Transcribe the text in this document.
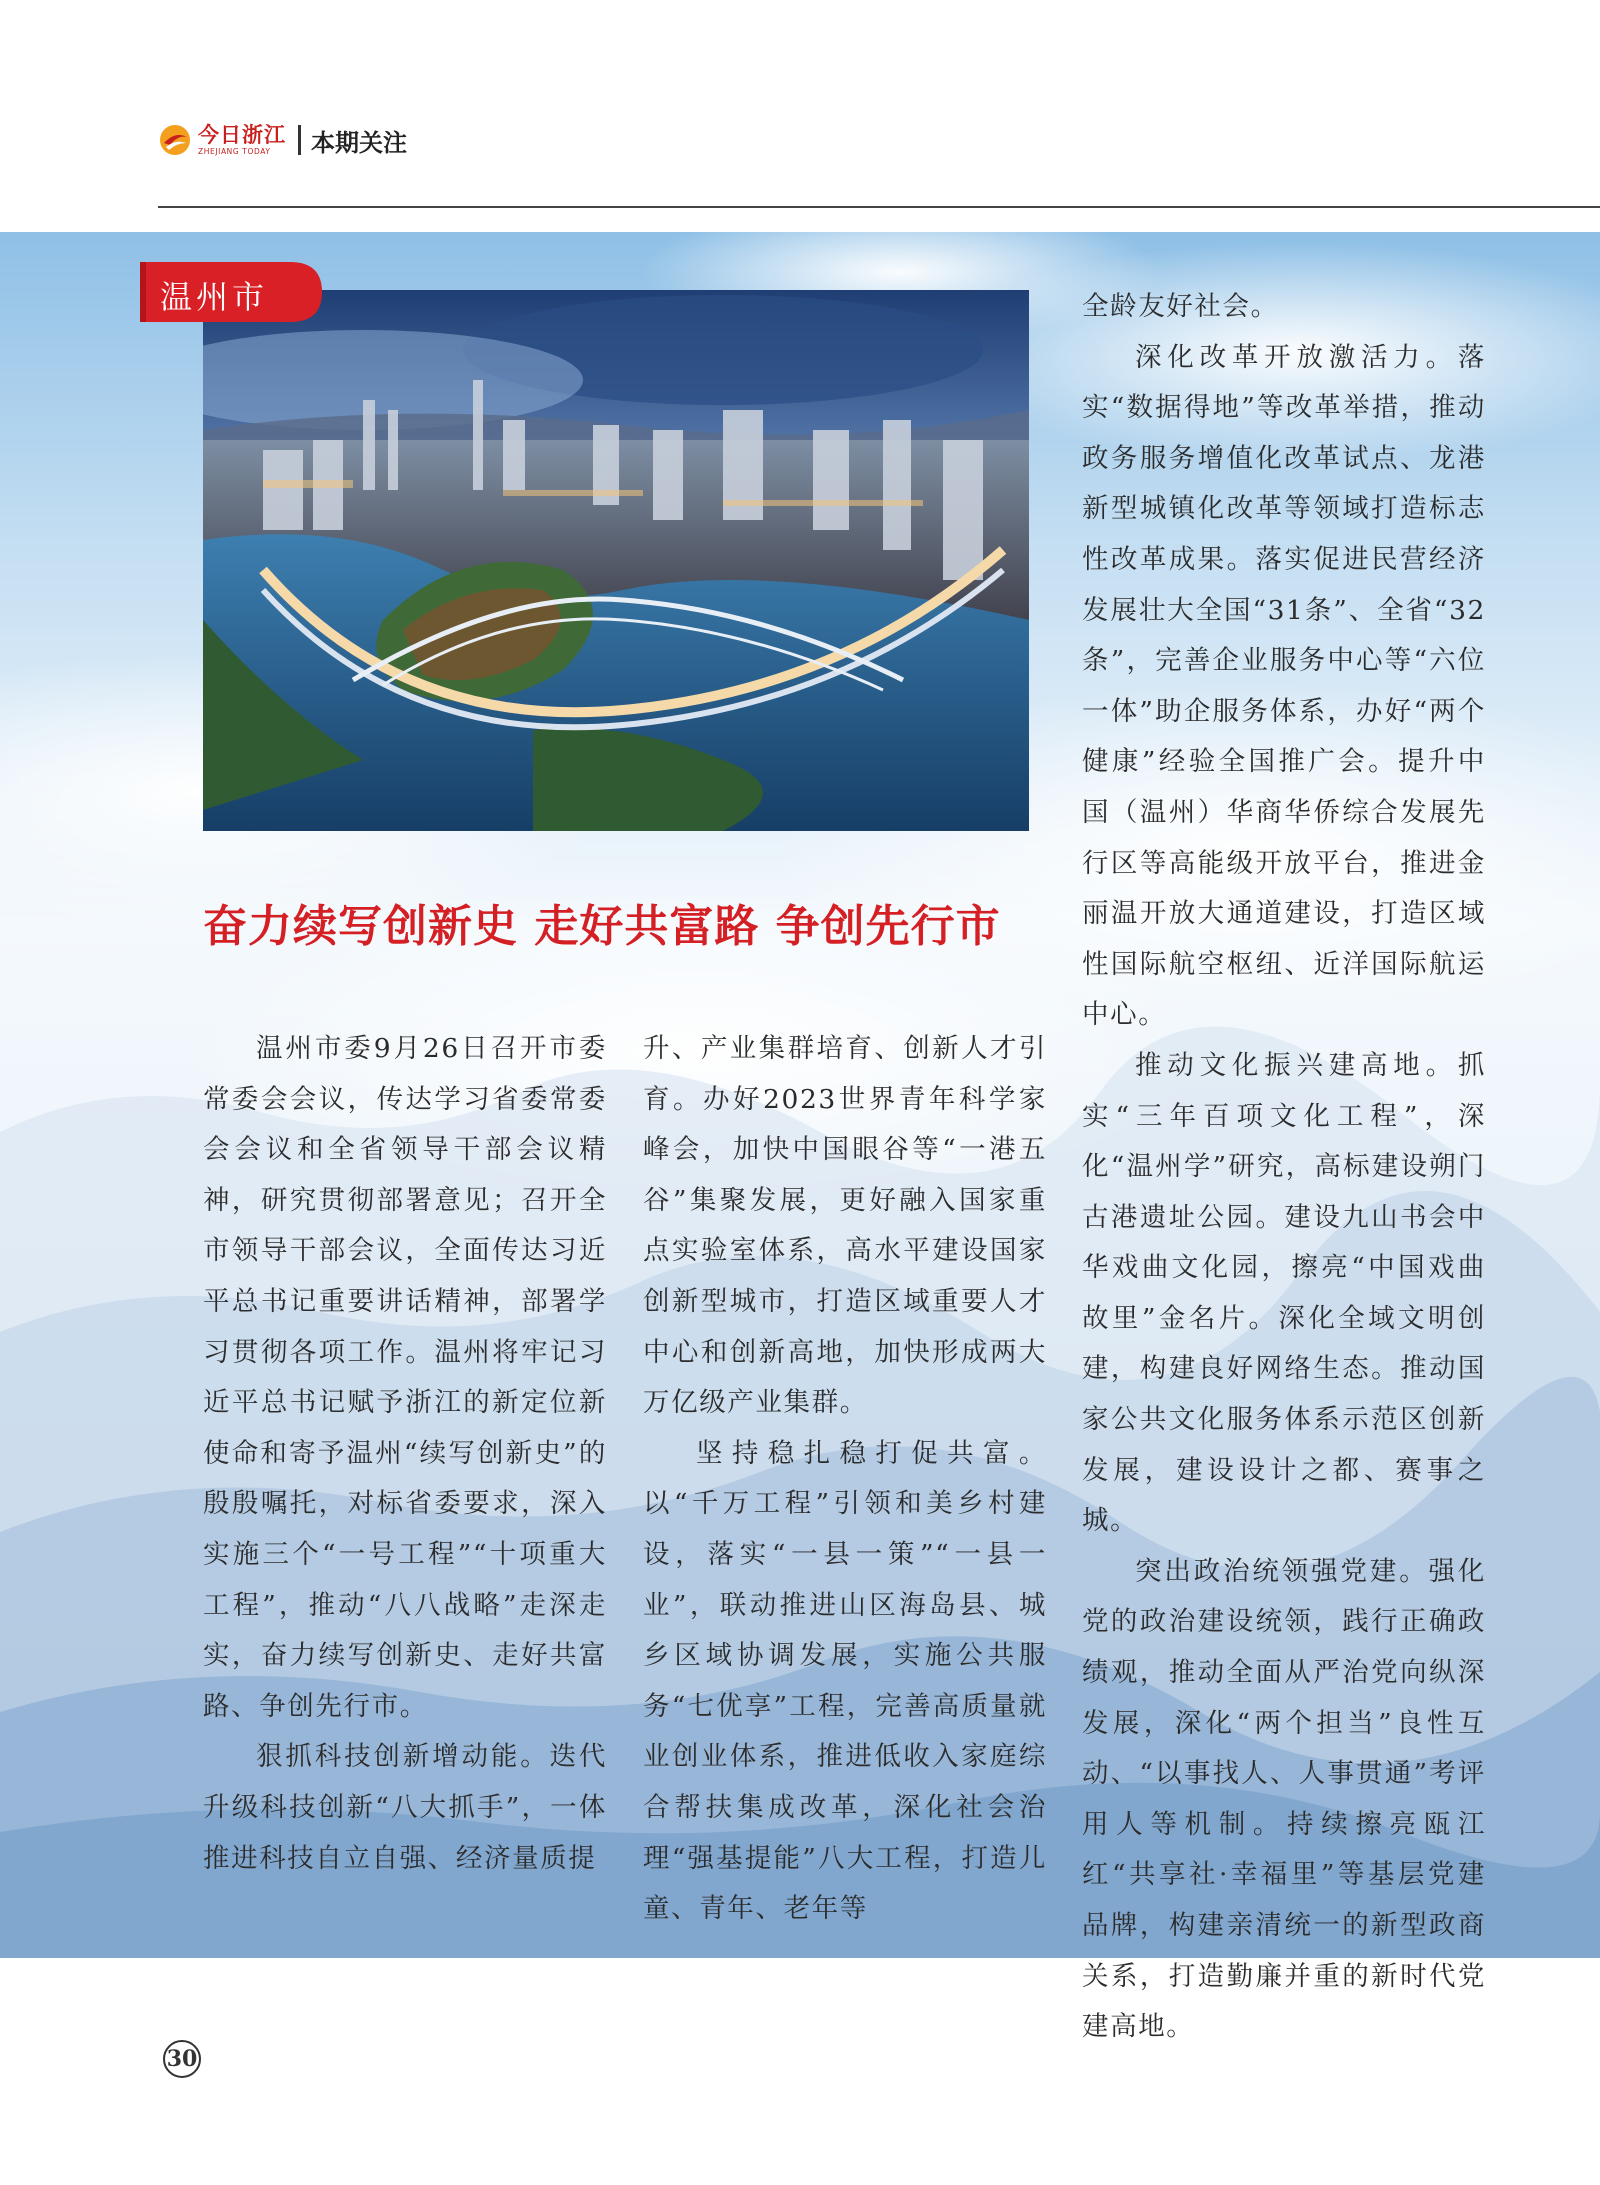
今日浙江
ZHEJIANG TODAY	本期关注
温州市
奋力续写创新史 走好共富路 争创先行市

温州市委9月26日召开市委常委会会议，传达学习省委常委会会议和全省领导干部会议精神，研究贯彻部署意见；召开全市领导干部会议，全面传达习近平总书记重要讲话精神，部署学习贯彻各项工作。温州将牢记习近平总书记赋予浙江的新定位新使命和寄予温州“续写创新史”的殷殷嘱托，对标省委要求，深入实施三个“一号工程”“十项重大工程”，推动“八八战略”走深走实，奋力续写创新史、走好共富路、争创先行市。

狠抓科技创新增动能。迭代升级科技创新“八大抓手”，一体推进科技自立自强、经济量质提

升、产业集群培育、创新人才引育。办好2023世界青年科学家峰会，加快中国眼谷等“一港五谷”集聚发展，更好融入国家重点实验室体系，高水平建设国家创新型城市，打造区域重要人才中心和创新高地，加快形成两大万亿级产业集群。

坚持稳扎稳打促共富。以“千万工程”引领和美乡村建设，落实“一县一策”“一县一业”，联动推进山区海岛县、城乡区域协调发展，实施公共服务“七优享”工程，完善高质量就业创业体系，推进低收入家庭综合帮扶集成改革，深化社会治理“强基提能”八大工程，打造儿童、青年、老年等

全龄友好社会。

深化改革开放激活力。落实“数据得地”等改革举措，推动政务服务增值化改革试点、龙港新型城镇化改革等领域打造标志性改革成果。落实促进民营经济发展壮大全国“31条”、全省“32条”，完善企业服务中心等“六位一体”助企服务体系，办好“两个健康”经验全国推广会。提升中国（温州）华商华侨综合发展先行区等高能级开放平台，推进金丽温开放大通道建设，打造区域性国际航空枢纽、近洋国际航运中心。

推动文化振兴建高地。抓实“三年百项文化工程”，深化“温州学”研究，高标建设朔门古港遗址公园。建设九山书会中华戏曲文化园，擦亮“中国戏曲故里”金名片。深化全域文明创建，构建良好网络生态。推动国家公共文化服务体系示范区创新发展，建设设计之都、赛事之城。

突出政治统领强党建。强化党的政治建设统领，践行正确政绩观，推动全面从严治党向纵深发展，深化“两个担当”良性互动、“以事找人、人事贯通”考评用人等机制。持续擦亮瓯江红“共享社·幸福里”等基层党建品牌，构建亲清统一的新型政商关系，打造勤廉并重的新时代党建高地。

30
